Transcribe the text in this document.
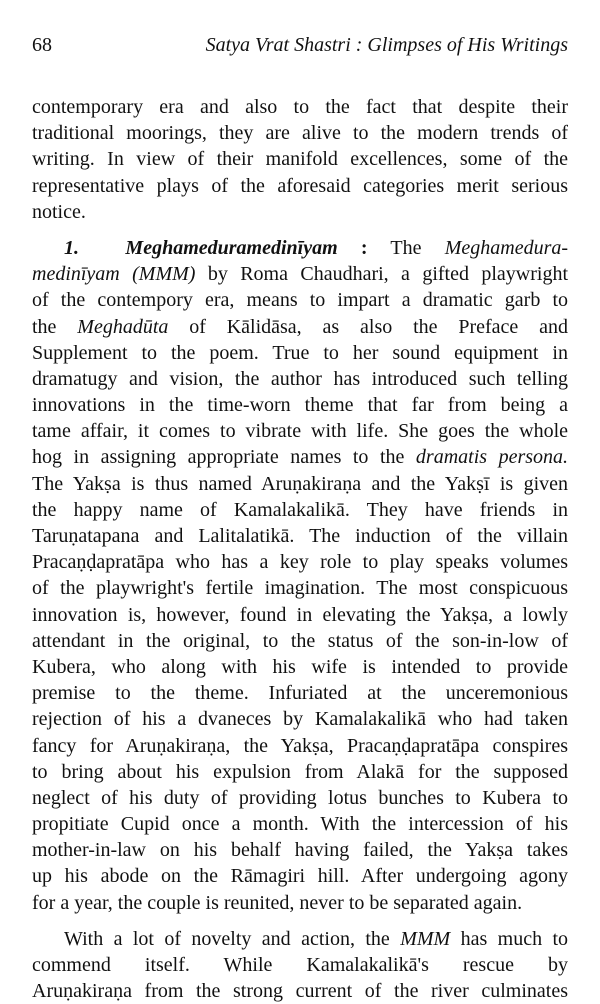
68	Satya Vrat Shastri : Glimpses of His Writings
contemporary era and also to the fact that despite their
traditional moorings, they are alive to the modern trends of
writing. In view of their manifold excellences, some of the
representative plays of the aforesaid categories merit serious
notice.
1. Meghameduramedinīyam : The Meghamedura-
medinīyam (MMM) by Roma Chaudhari, a gifted playwright
of the contempory era, means to impart a dramatic garb to
the Meghadūta of Kālidāsa, as also the Preface and
Supplement to the poem. True to her sound equipment in
dramatugy and vision, the author has introduced such telling
innovations in the time-worn theme that far from being a
tame affair, it comes to vibrate with life. She goes the whole
hog in assigning appropriate names to the dramatis persona.
The Yakṣa is thus named Aruṇakiraṇa and the Yakṣī is given
the happy name of Kamalakalikā. They have friends in
Taruṇatapana and Lalitalatikā. The induction of the villain
Pracaṇḍapratāpa who has a key role to play speaks volumes
of the playwright's fertile imagination. The most conspicuous
innovation is, however, found in elevating the Yakṣa, a lowly
attendant in the original, to the status of the son-in-low of
Kubera, who along with his wife is intended to provide
premise to the theme. Infuriated at the unceremonious
rejection of his a dvaneces by Kamalakalikā who had taken
fancy for Aruṇakiraṇa, the Yakṣa, Pracaṇḍapratāpa conspires
to bring about his expulsion from Alakā for the supposed
neglect of his duty of providing lotus bunches to Kubera to
propitiate Cupid once a month. With the intercession of his
mother-in-law on his behalf having failed, the Yakṣa takes
up his abode on the Rāmagiri hill. After undergoing agony
for a year, the couple is reunited, never to be separated again.
With a lot of novelty and action, the MMM has much to
commend itself. While Kamalakalikā's rescue by
Aruṇakiraṇa from the strong current of the river culminates
